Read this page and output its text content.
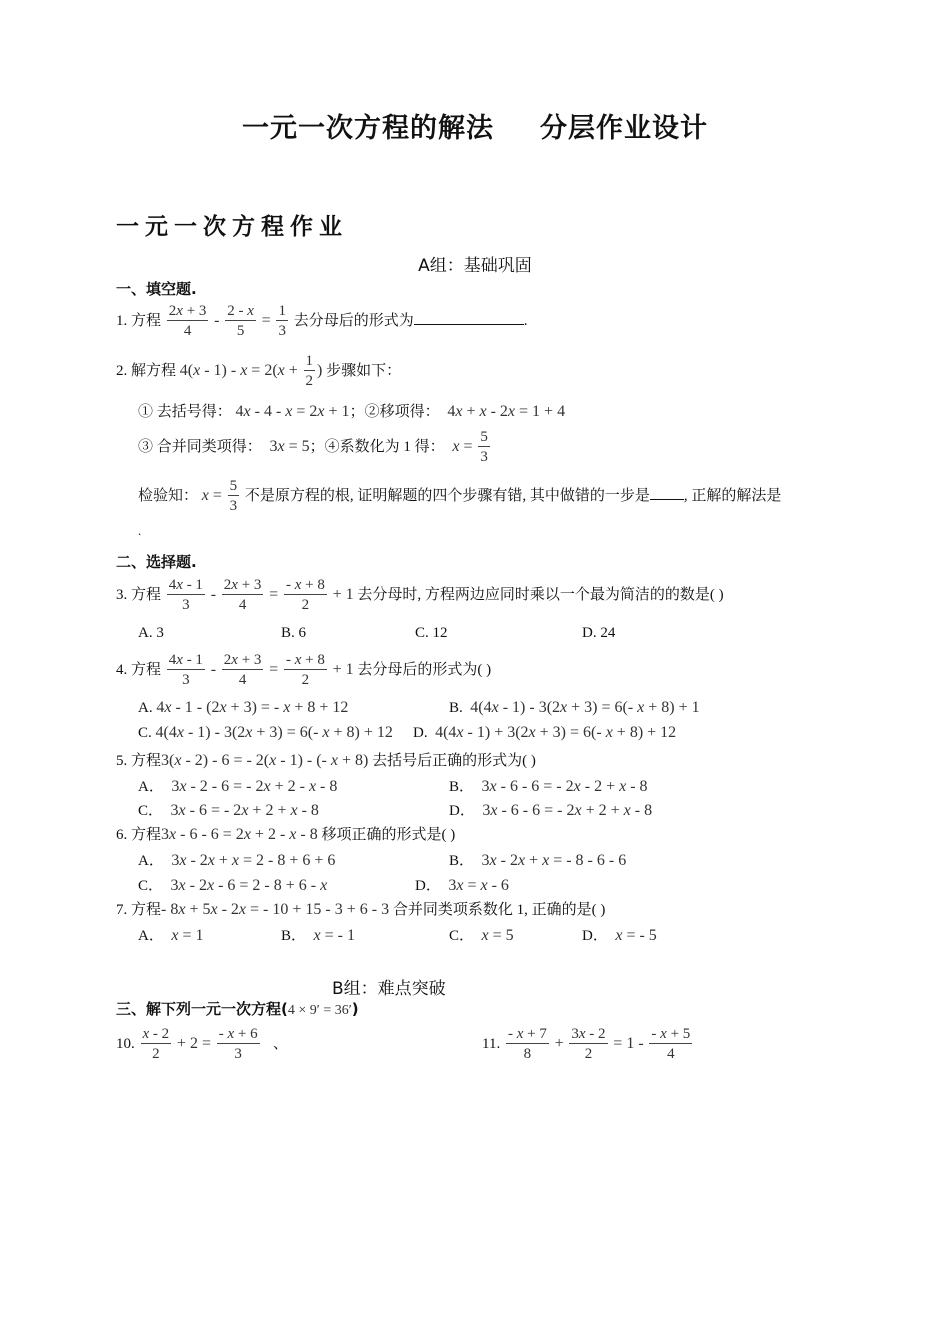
一元一次方程的解法 分层作业设计
一元一次方程作业
A组：基础巩固
一、填空题.
1. 方程 $\frac{2x + 3}{4} - \frac{2 - x}{5} = \frac{1}{3}$ 去分母后的形式为	.
2. 解方程 $4(x - 1) - x = 2(x + \frac{1}{2}$ ) 步骤如下：
① 去括号得： 4x - 4 - x = 2x + 1；②移项得：  4x + x - 2x = 1 + 4
③ 合并同类项得：  3x = 5；④系数化为 1 得： $x = \frac{5}{3}$
检验知： $x = \frac{5}{3}$ 不是原方程的根, 证明解题的四个步骤有错, 其中做错的一步是 , 正解的解法是
.
二、选择题.
3. 方程 $\frac{4x - 1}{3} - \frac{2x + 3}{4} = \frac{- x + 8}{2} + 1$ 去分母时, 方程两边应同时乘以一个最为简洁的的数是( )
A. 3	B. 6	C. 12	D. 24
4. 方程 $\frac{4x - 1}{3} - \frac{2x + 3}{4} = \frac{- x + 8}{2} + 1$ 去分母后的形式为( )
A. 4x - 1 - (2x + 3) = - x + 8 + 12	B. 4(4x - 1) - 3(2x + 3) = 6(- x + 8) + 1
C. 4(4x - 1) - 3(2x + 3) = 6(- x + 8) + 12 D. 4(4x - 1) + 3(2x + 3) = 6(- x + 8) + 12
5. 方程3(x - 2) - 6 = - 2(x - 1) - (- x + 8) 去括号后正确的形式为( )
A． 3x - 2 - 6 = - 2x + 2 - x - 8	B． 3x - 6 - 6 = - 2x - 2 + x - 8
C． 3x - 6 = - 2x + 2 + x - 8	D． 3x - 6 - 6 = - 2x + 2 + x - 8
6. 方程3x - 6 - 6 = 2x + 2 - x - 8 移项正确的形式是( )
A． 3x - 2x + x = 2 - 8 + 6 + 6	B． 3x - 2x + x = - 8 - 6 - 6
C． 3x - 2x - 6 = 2 - 8 + 6 - x	D． 3x = x - 6
7. 方程- 8x + 5x - 2x = - 10 + 15 - 3 + 6 - 3 合并同类项系数化 1, 正确的是( )
A． x = 1	B． x = - 1	C． x = 5	D． x = - 5
B组：难点突破
三、解下列一元一次方程(4 × 9′ = 36′)
10. $\frac{x - 2}{2} + 2 = \frac{- x + 6}{3}$ 、	11. $\frac{- x + 7}{8} + \frac{3x - 2}{2} = 1 - \frac{- x + 5}{4}$
